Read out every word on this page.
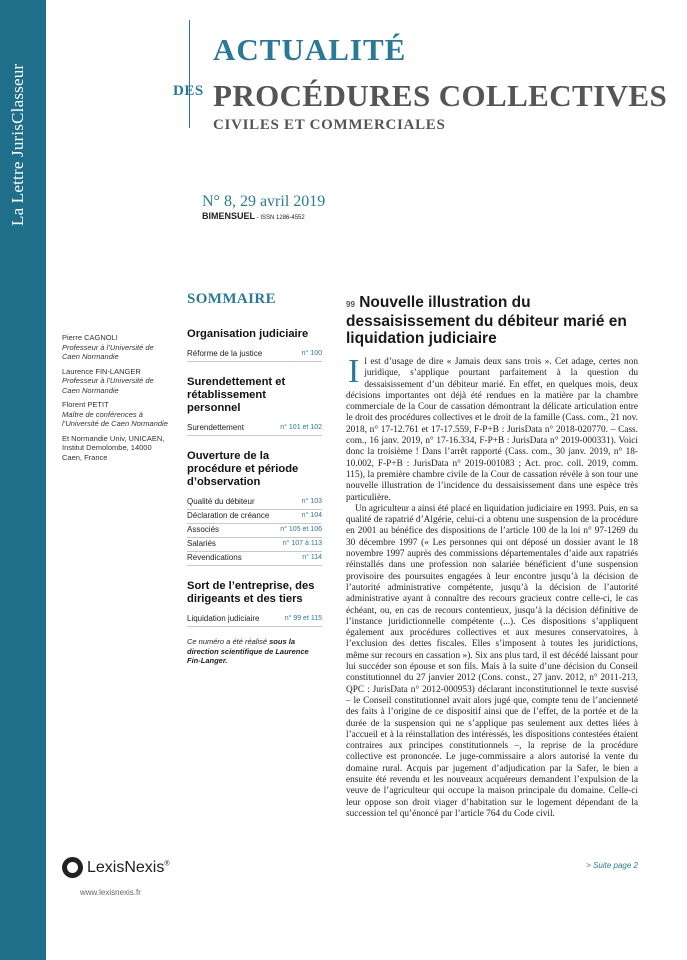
La Lettre JurisClasseur
ACTUALITÉ
DES PROCÉDURES COLLECTIVES
CIVILES ET COMMERCIALES
N° 8, 29 avril 2019
BIMENSUEL - ISSN 1286-4552
Pierre CAGNOLI
Professeur à l’Université de Caen Normandie
Laurence FIN-LANGER
Professeur à l’Université de Caen Normandie
Florent PETIT
Maître de conférences à l’Université de Caen Normandie
Et Normandie Univ, UNICAEN, Institut Demolombe, 14000 Caen, France
SOMMAIRE
Organisation judiciaire
Réforme de la justice	n° 100
Surendettement et rétablissement personnel
Surendettement	n° 101 et 102
Ouverture de la procédure et période d’observation
Qualité du débiteur	n° 103
Déclaration de créance	n° 104
Associés	n° 105 et 106
Salariés	n° 107 à 113
Revendications	n° 114
Sort de l’entreprise, des dirigeants et des tiers
Liquidation judiciaire	n° 99 et 115
Ce numéro a été réalisé sous la direction scientifique de Laurence Fin-Langer.
99 Nouvelle illustration du dessaisissement du débiteur marié en liquidation judiciaire

Il est d’usage de dire « Jamais deux sans trois ». Cet adage, certes non juridique, s’applique pourtant parfaitement à la question du dessaisissement d’un débiteur marié. En effet, en quelques mois, deux décisions importantes ont déjà été rendues en la matière par la chambre commerciale de la Cour de cassation démontrant la délicate articulation entre le droit des procédures collectives et le droit de la famille (Cass. com., 21 nov. 2018, n° 17-12.761 et 17-17.559, F-P+B : JurisData n° 2018-020770. – Cass. com., 16 janv. 2019, n° 17-16.334, F-P+B : JurisData n° 2019-000331). Voici donc la troisième ! Dans l’arrêt rapporté (Cass. com., 30 janv. 2019, n° 18-10.002, F-P+B : JurisData n° 2019-001083 ; Act. proc. coll. 2019, comm. 115), la première chambre civile de la Cour de cassation révèle à son tour une nouvelle illustration de l’incidence du dessaisissement dans une espèce très particulière.

Un agriculteur a ainsi été placé en liquidation judiciaire en 1993. Puis, en sa qualité de rapatrié d’Algérie, celui-ci a obtenu une suspension de la procédure en 2001 au bénéfice des dispositions de l’article 100 de la loi n° 97-1269 du 30 décembre 1997 (« Les personnes qui ont déposé un dossier avant le 18 novembre 1997 auprès des commissions départementales d’aide aux rapatriés réinstallés dans une profession non salariée bénéficient d’une suspension provisoire des poursuites engagées à leur encontre jusqu’à la décision de l’autorité administrative compétente, jusqu’à la décision de l’autorité administrative ayant à connaître des recours gracieux contre celle-ci, le cas échéant, ou, en cas de recours contentieux, jusqu’à la décision définitive de l’instance juridictionnelle compétente (...). Ces dispositions s’appliquent également aux procédures collectives et aux mesures conservatoires, à l’exclusion des dettes fiscales. Elles s’imposent à toutes les juridictions, même sur recours en cassation »). Six ans plus tard, il est décédé laissant pour lui succéder son épouse et son fils. Mais à la suite d’une décision du Conseil constitutionnel du 27 janvier 2012 (Cons. const., 27 janv. 2012, n° 2011-213, QPC : JurisData n° 2012-000953) déclarant inconstitutionnel le texte susvisé – le Conseil constitutionnel avait alors jugé que, compte tenu de l’ancienneté des faits à l’origine de ce dispositif ainsi que de l’effet, de la portée et de la durée de la suspension qui ne s’applique pas seulement aux dettes liées à l’accueil et à la réinstallation des intéressés, les dispositions contestées étaient contraires aux principes constitutionnels –, la reprise de la procédure collective est prononcée. Le juge-commissaire a alors autorisé la vente du domaine rural. Acquis par jugement d’adjudication par la Safer, le bien a ensuite été revendu et les nouveaux acquéreurs demandent l’expulsion de la veuve de l’agriculteur qui occupe la maison principale du domaine. Celle-ci leur oppose son droit viager d’habitation sur le logement dépendant de la succession tel qu’énoncé par l’article 764 du Code civil.

> Suite page 2
LexisNexis®
www.lexisnexis.fr
